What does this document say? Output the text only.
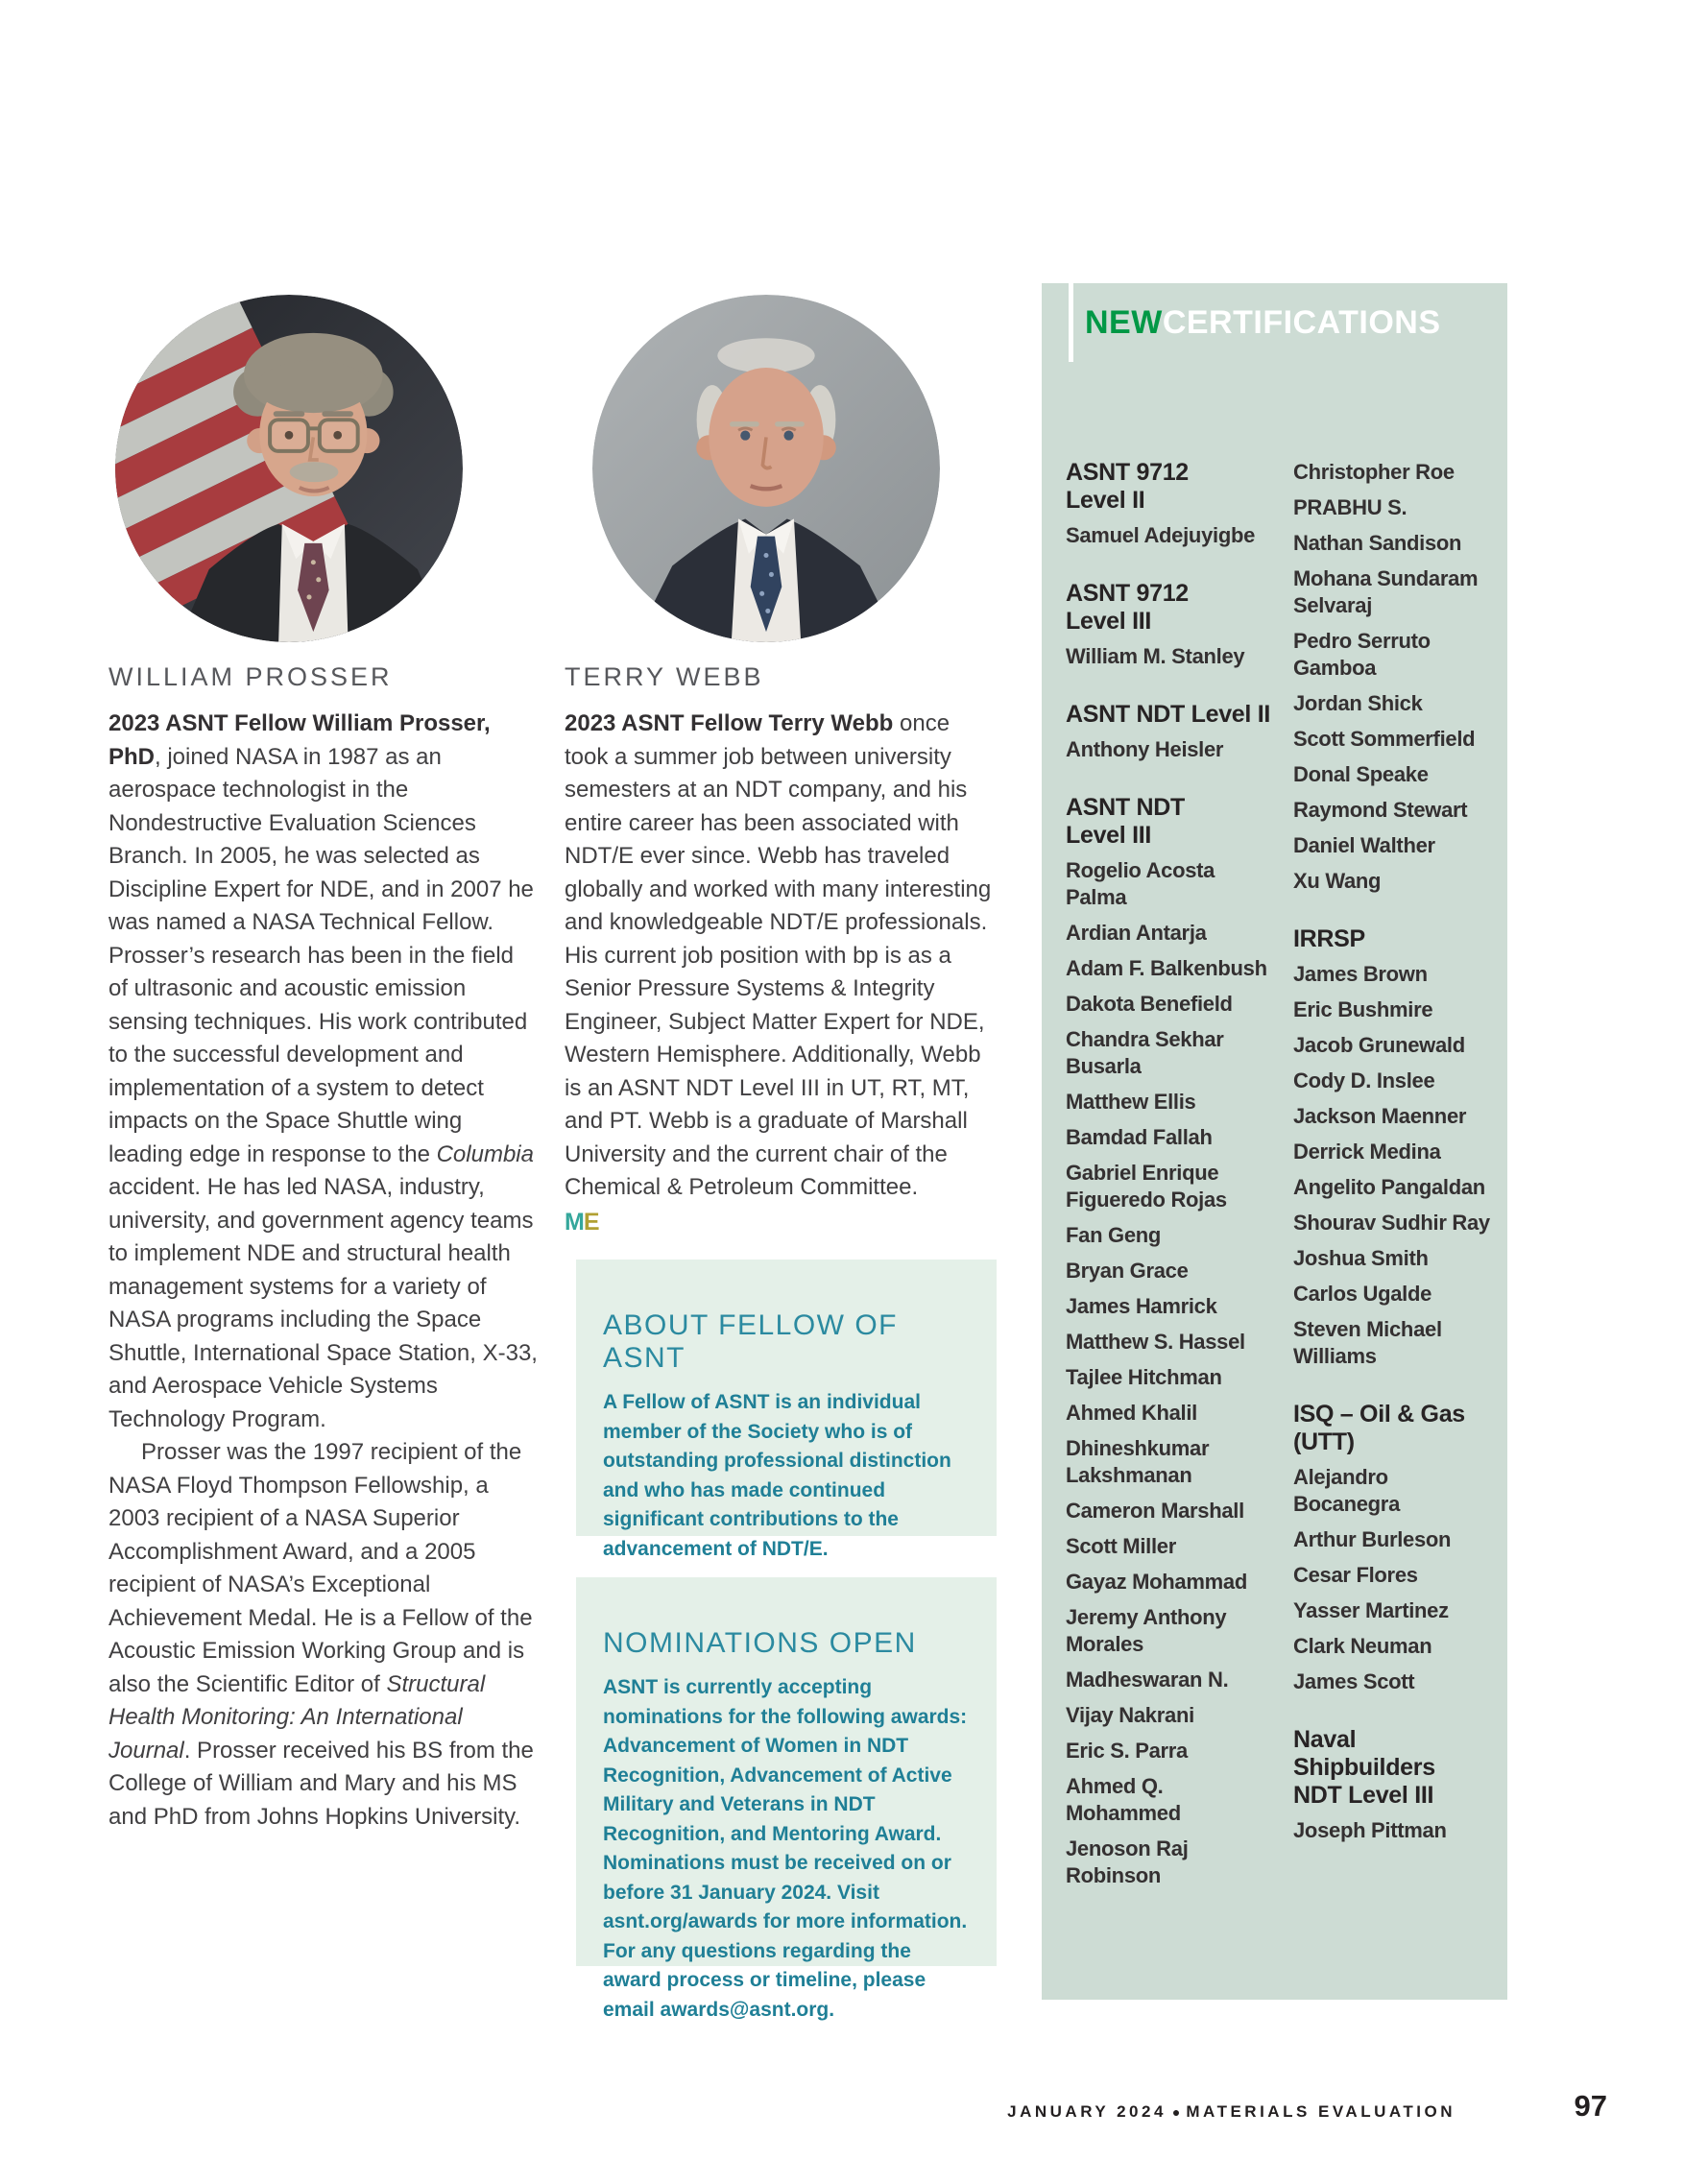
WILLIAM PROSSER

2023 ASNT Fellow William Prosser, PhD, joined NASA in 1987 as an aerospace technologist in the Nondestructive Evaluation Sciences Branch. In 2005, he was selected as Discipline Expert for NDE, and in 2007 he was named a NASA Technical Fellow. Prosser’s research has been in the field of ultrasonic and acoustic emission sensing techniques. His work contributed to the successful development and implementation of a system to detect impacts on the Space Shuttle wing leading edge in response to the Columbia accident. He has led NASA, industry, university, and government agency teams to implement NDE and structural health management systems for a variety of NASA programs including the Space Shuttle, International Space Station, X-33, and Aerospace Vehicle Systems Technology Program.

Prosser was the 1997 recipient of the NASA Floyd Thompson Fellowship, a 2003 recipient of a NASA Superior Accomplishment Award, and a 2005 recipient of NASA’s Exceptional Achievement Medal. He is a Fellow of the Acoustic Emission Working Group and is also the Scientific Editor of Structural Health Monitoring: An International Journal. Prosser received his BS from the College of William and Mary and his MS and PhD from Johns Hopkins University.

TERRY WEBB

2023 ASNT Fellow Terry Webb once took a summer job between university semesters at an NDT company, and his entire career has been associated with NDT/E ever since. Webb has traveled globally and worked with many interesting and knowledgeable NDT/E professionals. His current job position with bp is as a Senior Pressure Systems & Integrity Engineer, Subject Matter Expert for NDE, Western Hemisphere. Additionally, Webb is an ASNT NDT Level III in UT, RT, MT, and PT. Webb is a graduate of Marshall University and the current chair of the Chemical & Petroleum Committee.

ME
ABOUT FELLOW OF ASNT

A Fellow of ASNT is an individual member of the Society who is of outstanding professional distinction and who has made continued significant contributions to the advancement of NDT/E.

NOMINATIONS OPEN

ASNT is currently accepting nominations for the following awards: Advancement of Women in NDT Recognition, Advancement of Active Military and Veterans in NDT Recognition, and Mentoring Award. Nominations must be received on or before 31 January 2024. Visit asnt.org/awards for more information. For any questions regarding the award process or timeline, please email awards@asnt.org.

NEW CERTIFICATIONS
ASNT 9712
Level II
Samuel Adejuyigbe
ASNT 9712
Level III
William M. Stanley
ASNT NDT Level II
Anthony Heisler
ASNT NDT
Level III
Rogelio Acosta Palma
Ardian Antarja
Adam F. Balkenbush
Dakota Benefield
Chandra Sekhar Busarla
Matthew Ellis
Bamdad Fallah
Gabriel Enrique Figueredo Rojas
Fan Geng
Bryan Grace
James Hamrick
Matthew S. Hassel
Tajlee Hitchman
Ahmed Khalil
Dhineshkumar Lakshmanan
Cameron Marshall
Scott Miller
Gayaz Mohammad
Jeremy Anthony Morales
Madheswaran N.
Vijay Nakrani
Eric S. Parra
Ahmed Q. Mohammed
Jenoson Raj Robinson
Christopher Roe
PRABHU S.
Nathan Sandison
Mohana Sundaram Selvaraj
Pedro Serruto Gamboa
Jordan Shick
Scott Sommerfield
Donal Speake
Raymond Stewart
Daniel Walther
Xu Wang
IRRSP
James Brown
Eric Bushmire
Jacob Grunewald
Cody D. Inslee
Jackson Maenner
Derrick Medina
Angelito Pangaldan
Shourav Sudhir Ray
Joshua Smith
Carlos Ugalde
Steven Michael Williams
ISQ – Oil & Gas
(UTT)
Alejandro Bocanegra
Arthur Burleson
Cesar Flores
Yasser Martinez
Clark Neuman
James Scott
Naval
Shipbuilders
NDT Level III
Joseph Pittman
JANUARY 2024 ● MATERIALS EVALUATION	97
